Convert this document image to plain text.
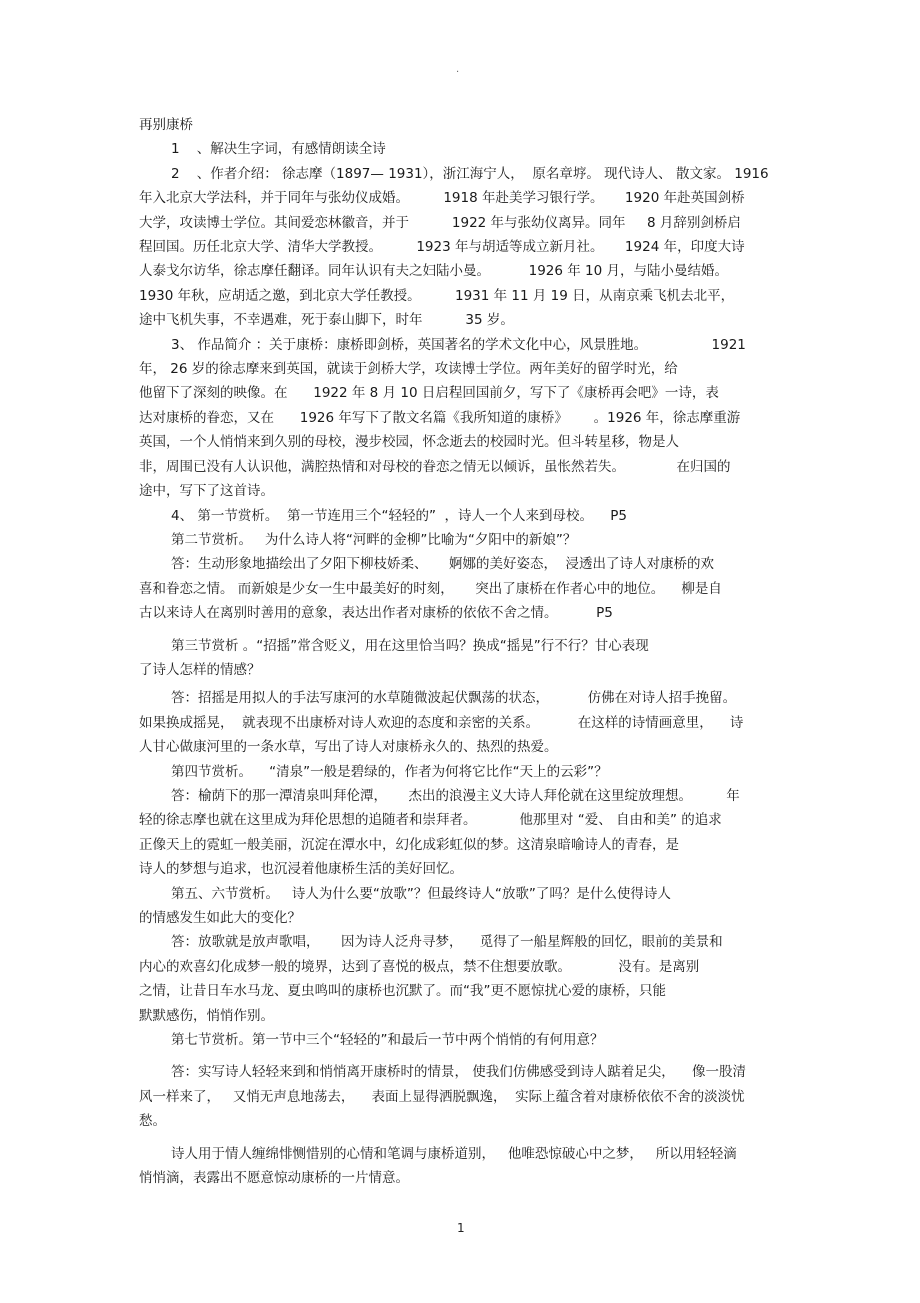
.

再别康桥

1    、解决生字词，有感情朗读全诗

2    、作者介绍： 徐志摩（1897— 1931），浙江海宁人，  原名章垿。 现代诗人、 散文家。 1916

年入北京大学法科，并于同年与张幼仪成婚。        1918 年赴美学习银行学。     1920 年赴英国剑桥

大学，攻读博士学位。其间爱恋林徽音，并于          1922 年与张幼仪离异。同年     8 月辞别剑桥启

程回国。历任北京大学、清华大学教授。        1923 年与胡适等成立新月社。     1924 年，印度大诗

人泰戈尔访华，徐志摩任翻译。同年认识有夫之妇陆小曼。         1926 年 10 月，与陆小曼结婚。

1930 年秋，应胡适之邀，到北京大学任教授。        1931 年 11 月 19 日，从南京乘飞机去北平，

途中飞机失事，不幸遇难，死于泰山脚下，时年          35 岁。

3、 作品简介 ：关于康桥：康桥即剑桥，英国著名的学术文化中心，风景胜地。               1921

年， 26 岁的徐志摩来到英国，就读于剑桥大学，攻读博士学位。两年美好的留学时光，给

他留下了深刻的映像。在      1922 年 8 月 10 日启程回国前夕，写下了《康桥再会吧》一诗，表

达对康桥的眷恋，又在      1926 年写下了散文名篇《我所知道的康桥》      。1926 年，徐志摩重游

英国，一个人悄悄来到久别的母校，漫步校园，怀念逝去的校园时光。但斗转星移，物是人

非，周围已没有人认识他，满腔热情和对母校的眷恋之情无以倾诉，虽怅然若失。            在归国的

途中，写下了这首诗。

4、 第一节赏析。  第一节连用三个“轻轻的”  ，诗人一个人来到母校。    P5

第二节赏析。   为什么诗人将“河畔的金柳”比喻为“夕阳中的新娘”？

答：生动形象地描绘出了夕阳下柳枝娇柔、     婀娜的美好姿态，  浸透出了诗人对康桥的欢

喜和眷恋之情。 而新娘是少女一生中最美好的时刻，     突出了康桥在作者心中的地位。    柳是自

古以来诗人在离别时善用的意象，表达出作者对康桥的依依不舍之情。         P5

第三节赏析 。“招摇”常含贬义，用在这里恰当吗？换成“摇晃”行不行？甘心表现

了诗人怎样的情感？

答：招摇是用拟人的手法写康河的水草随微波起伏飘荡的状态，         仿佛在对诗人招手挽留。

如果换成摇晃，  就表现不出康桥对诗人欢迎的态度和亲密的关系。         在这样的诗情画意里，    诗

人甘心做康河里的一条水草，写出了诗人对康桥永久的、热烈的热爱。

第四节赏析。    “清泉”一般是碧绿的，作者为何将它比作“天上的云彩”？

答：榆荫下的那一潭清泉叫拜伦潭，     杰出的浪漫主义大诗人拜伦就在这里绽放理想。        年

轻的徐志摩也就在这里成为拜伦思想的追随者和崇拜者。          他那里对 “爱、 自由和美” 的追求

正像天上的霓虹一般美丽，沉淀在潭水中，幻化成彩虹似的梦。这清泉暗喻诗人的青春，是

诗人的梦想与追求，也沉浸着他康桥生活的美好回忆。

第五、六节赏析。   诗人为什么要“放歌”？但最终诗人“放歌”了吗？是什么使得诗人

的情感发生如此大的变化？

答：放歌就是放声歌唱，     因为诗人泛舟寻梦，    觅得了一船星辉般的回忆，眼前的美景和

内心的欢喜幻化成梦一般的境界，达到了喜悦的极点，禁不住想要放歌。           没有。是离别

之情，让昔日车水马龙、夏虫鸣叫的康桥也沉默了。而“我”更不愿惊扰心爱的康桥，只能

默默感伤，悄悄作别。

第七节赏析。第一节中三个“轻轻的”和最后一节中两个悄悄的有何用意？

答：实写诗人轻轻来到和悄悄离开康桥时的情景， 使我们仿佛感受到诗人踮着足尖，    像一股清

风一样来了，   又悄无声息地荡去，    表面上显得洒脱飘逸，  实际上蕴含着对康桥依依不舍的淡淡忧

愁。

诗人用于情人缠绵悱恻惜别的心情和笔调与康桥道别，   他唯恐惊破心中之梦，   所以用轻轻滴

悄悄滴，表露出不愿意惊动康桥的一片情意。

1
